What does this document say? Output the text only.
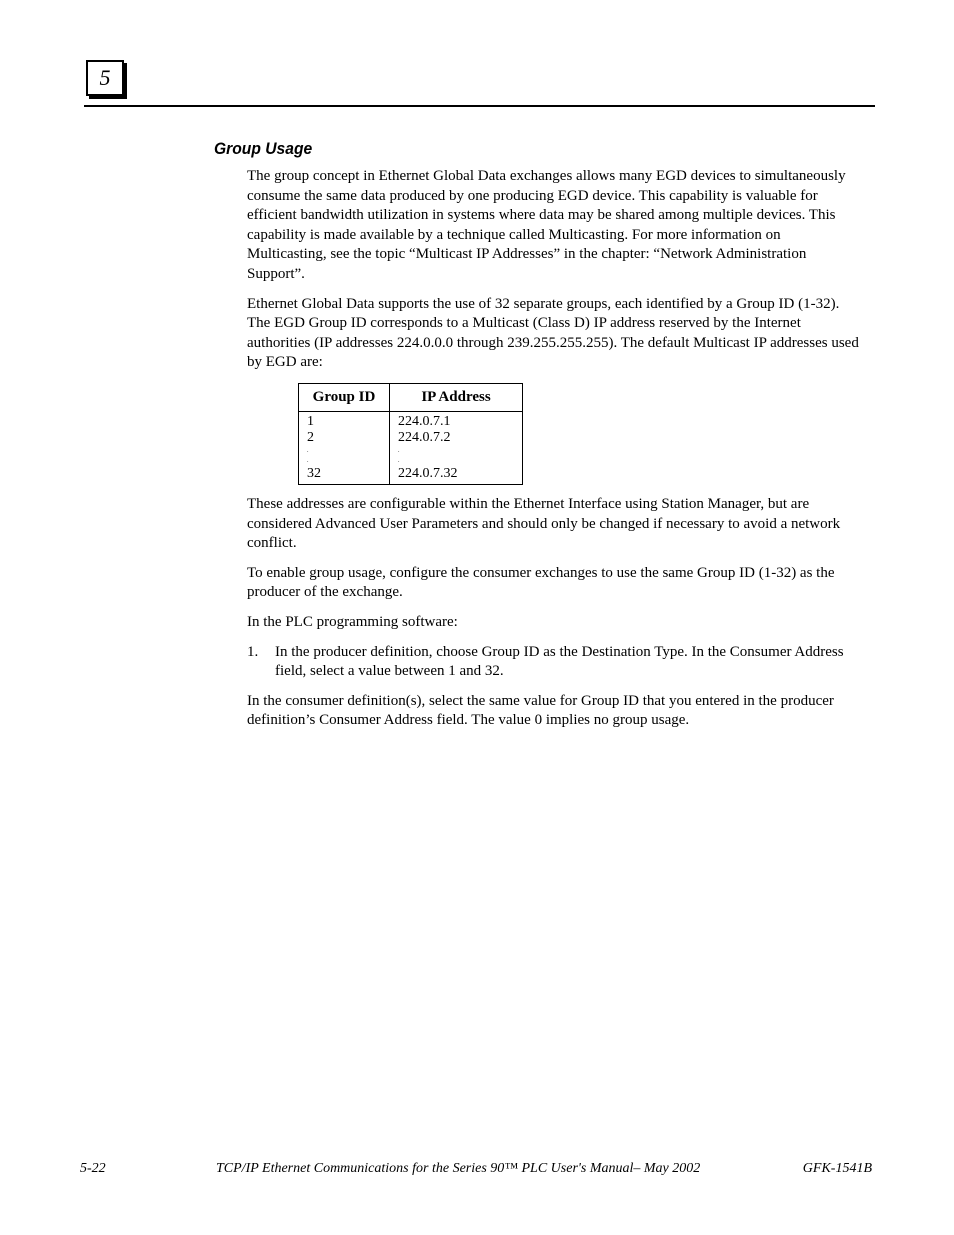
5
Group Usage

The group concept in Ethernet Global Data exchanges allows many EGD devices to simultaneously consume the same data produced by one producing EGD device. This capability is valuable for efficient bandwidth utilization in systems where data may be shared among multiple devices. This capability is made available by a technique called Multicasting. For more information on Multicasting, see the topic “Multicast IP Addresses” in the chapter: “Network Administration Support”.

Ethernet Global Data supports the use of 32 separate groups, each identified by a Group ID (1-32). The EGD Group ID corresponds to a Multicast (Class D) IP address reserved by the Internet authorities (IP addresses 224.0.0.0 through 239.255.255.255). The default Multicast IP addresses used by EGD are:

Group ID	IP Address
1	224.0.7.1
2	224.0.7.2
.	.
.	.
32	224.0.7.32

These addresses are configurable within the Ethernet Interface using Station Manager, but are considered Advanced User Parameters and should only be changed if necessary to avoid a network conflict.

To enable group usage, configure the consumer exchanges to use the same Group ID (1-32) as the producer of the exchange.

In the PLC programming software:

1.	In the producer definition, choose Group ID as the Destination Type. In the Consumer Address field, select a value between 1 and 32.

In the consumer definition(s), select the same value for Group ID that you entered in the producer definition’s Consumer Address field. The value 0 implies no group usage.

5-22	TCP/IP Ethernet Communications for the Series 90™ PLC User's Manual– May 2002	GFK-1541B
